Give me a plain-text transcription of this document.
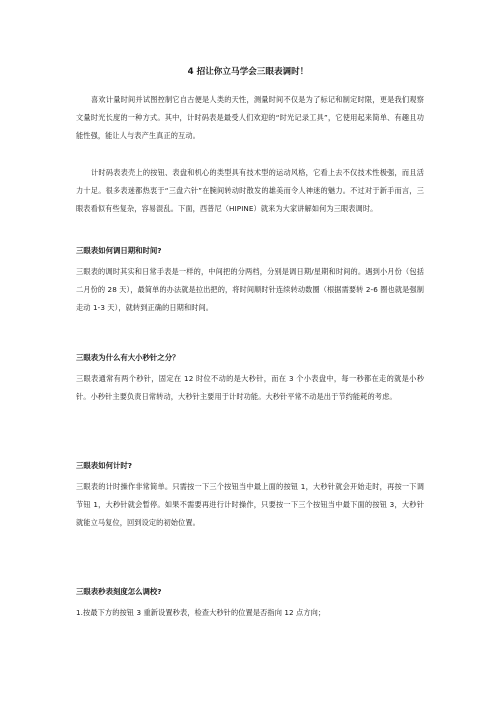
4 招让你立马学会三眼表调时！

喜欢计量时间并试图控制它自古便是人类的天性，测量时间不仅是为了标记和制定时限，更是我们观察文量时光长度的一种方式。其中，计时码表是最受人们欢迎的“时光记录工具”，它使用起来简单、有趣且功能性强，能让人与表产生真正的互动。

计时码表表壳上的按钮、表盘和机心的类型具有技术型的运动风格，它看上去不仅技术性极强，而且活力十足。很多表迷都热衷于“三盘六针”在腕间转动时散发的雄美而令人神迷的魅力。不过对于新手而言，三眼表看似有些复杂，容易混乱。下面，西普尼（HIPINE）就来为大家讲解如何为三眼表调时。

三眼表如何调日期和时间?

三眼表的调时其实和日常手表是一样的，中间把的分两档，分别是调日期/星期和时间的。遇到小月份（包括二月份的 28 天），最简单的办法就是拉出把的，将时间顺时针连续转动数圈（根据需要转 2-6 圈也就是强制走动 1-3 天），就转到正确的日期和时间。

三眼表为什么有大小秒针之分？

三眼表通常有两个秒针，固定在 12 时位不动的是大秒针，而在 3 个小表盘中，每一秒都在走的就是小秒针。小秒针主要负责日常转动，大秒针主要用于计时功能。大秒针平常不动是出于节约能耗的考虑。

三眼表如何计时?

三眼表的计时操作非常简单。只需按一下三个按钮当中最上面的按钮 1，大秒针就会开始走时，再按一下调节钮 1，大秒针就会暂停。如果不需要再进行计时操作，只要按一下三个按钮当中最下面的按钮 3，大秒针就能立马复位，回到设定的初始位置。

三眼表秒表刻度怎么调校?

1.按最下方的按钮 3 重新设置秒表，检查大秒针的位置是否指向 12 点方向；
